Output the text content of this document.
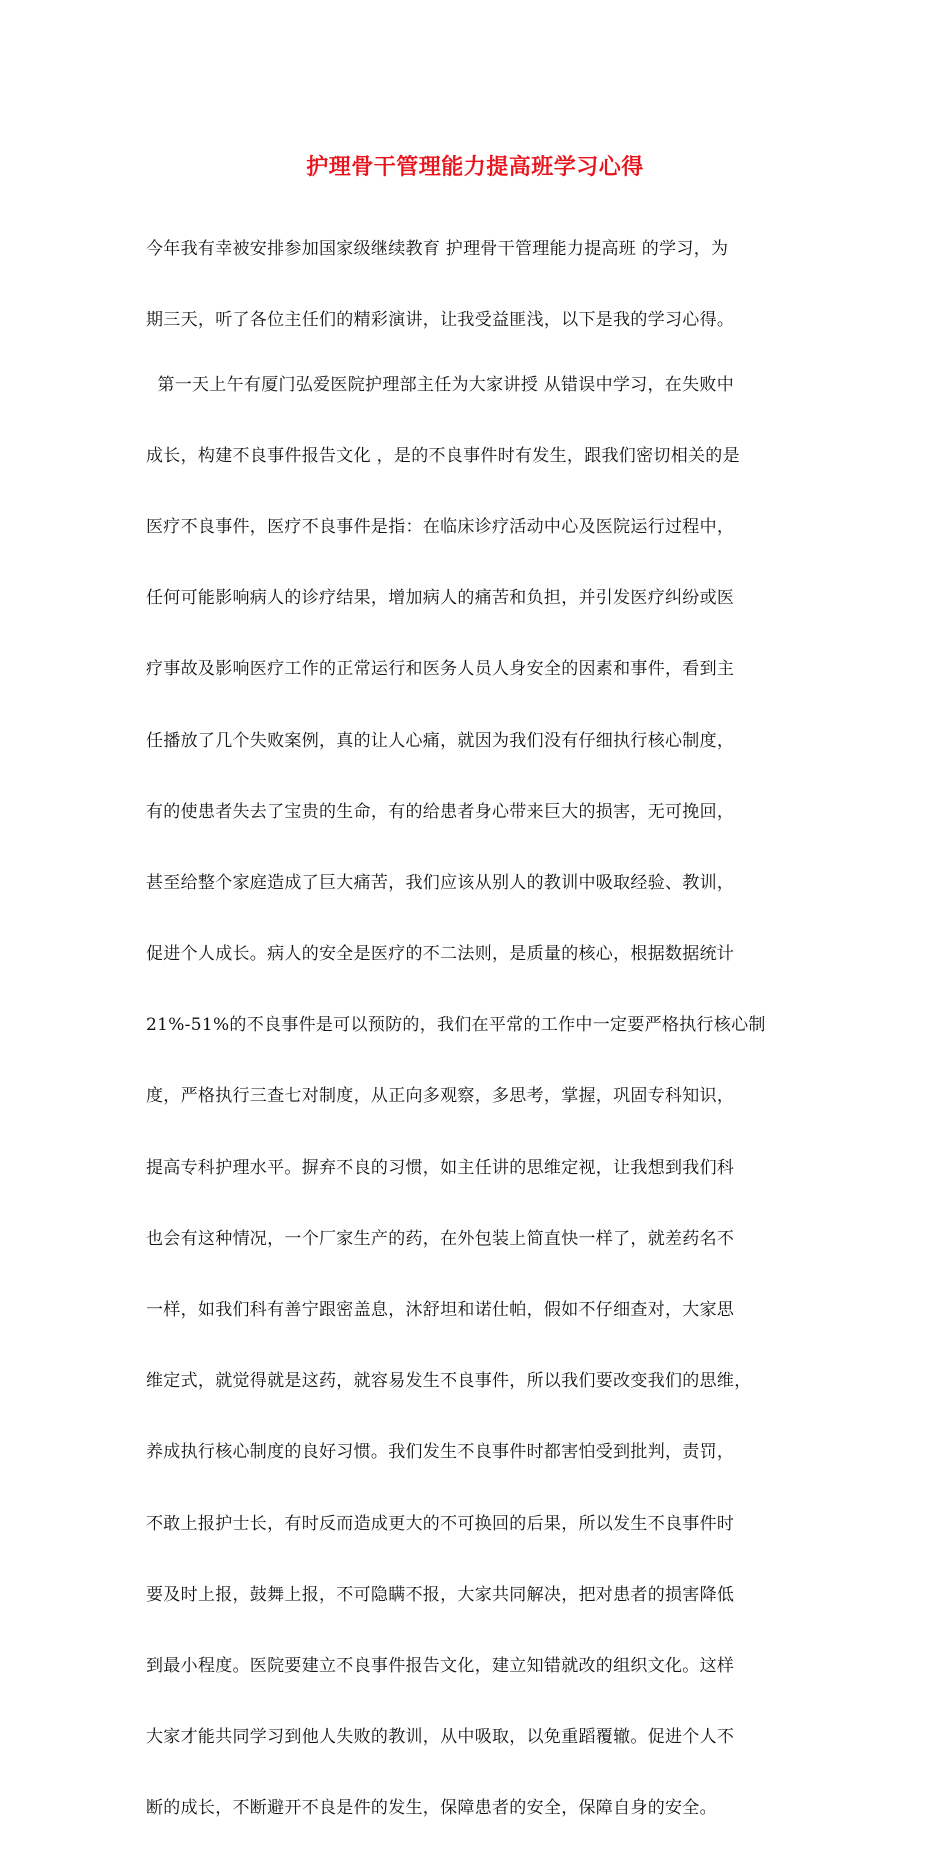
护理骨干管理能力提高班学习心得

今年我有幸被安排参加国家级继续教育 护理骨干管理能力提高班 的学习，为

期三天，听了各位主任们的精彩演讲，让我受益匪浅，以下是我的学习心得。

第一天上午有厦门弘爱医院护理部主任为大家讲授 从错误中学习，在失败中

成长，构建不良事件报告文化 ，是的不良事件时有发生，跟我们密切相关的是

医疗不良事件，医疗不良事件是指：在临床诊疗活动中心及医院运行过程中，

任何可能影响病人的诊疗结果，增加病人的痛苦和负担，并引发医疗纠纷或医

疗事故及影响医疗工作的正常运行和医务人员人身安全的因素和事件，看到主

任播放了几个失败案例，真的让人心痛，就因为我们没有仔细执行核心制度，

有的使患者失去了宝贵的生命，有的给患者身心带来巨大的损害，无可挽回，

甚至给整个家庭造成了巨大痛苦，我们应该从别人的教训中吸取经验、教训，

促进个人成长。病人的安全是医疗的不二法则，是质量的核心，根据数据统计

21%-51%的不良事件是可以预防的，我们在平常的工作中一定要严格执行核心制

度，严格执行三查七对制度，从正向多观察，多思考，掌握，巩固专科知识，

提高专科护理水平。摒弃不良的习惯，如主任讲的思维定视，让我想到我们科

也会有这种情况，一个厂家生产的药，在外包装上简直快一样了，就差药名不

一样，如我们科有善宁跟密盖息，沐舒坦和诺仕帕，假如不仔细查对，大家思

维定式，就觉得就是这药，就容易发生不良事件，所以我们要改变我们的思维，

养成执行核心制度的良好习惯。我们发生不良事件时都害怕受到批判，责罚，

不敢上报护士长，有时反而造成更大的不可换回的后果，所以发生不良事件时

要及时上报，鼓舞上报，不可隐瞒不报，大家共同解决，把对患者的损害降低

到最小程度。医院要建立不良事件报告文化，建立知错就改的组织文化。这样

大家才能共同学习到他人失败的教训，从中吸取，以免重蹈覆辙。促进个人不

断的成长，不断避开不良是件的发生，保障患者的安全，保障自身的安全。
